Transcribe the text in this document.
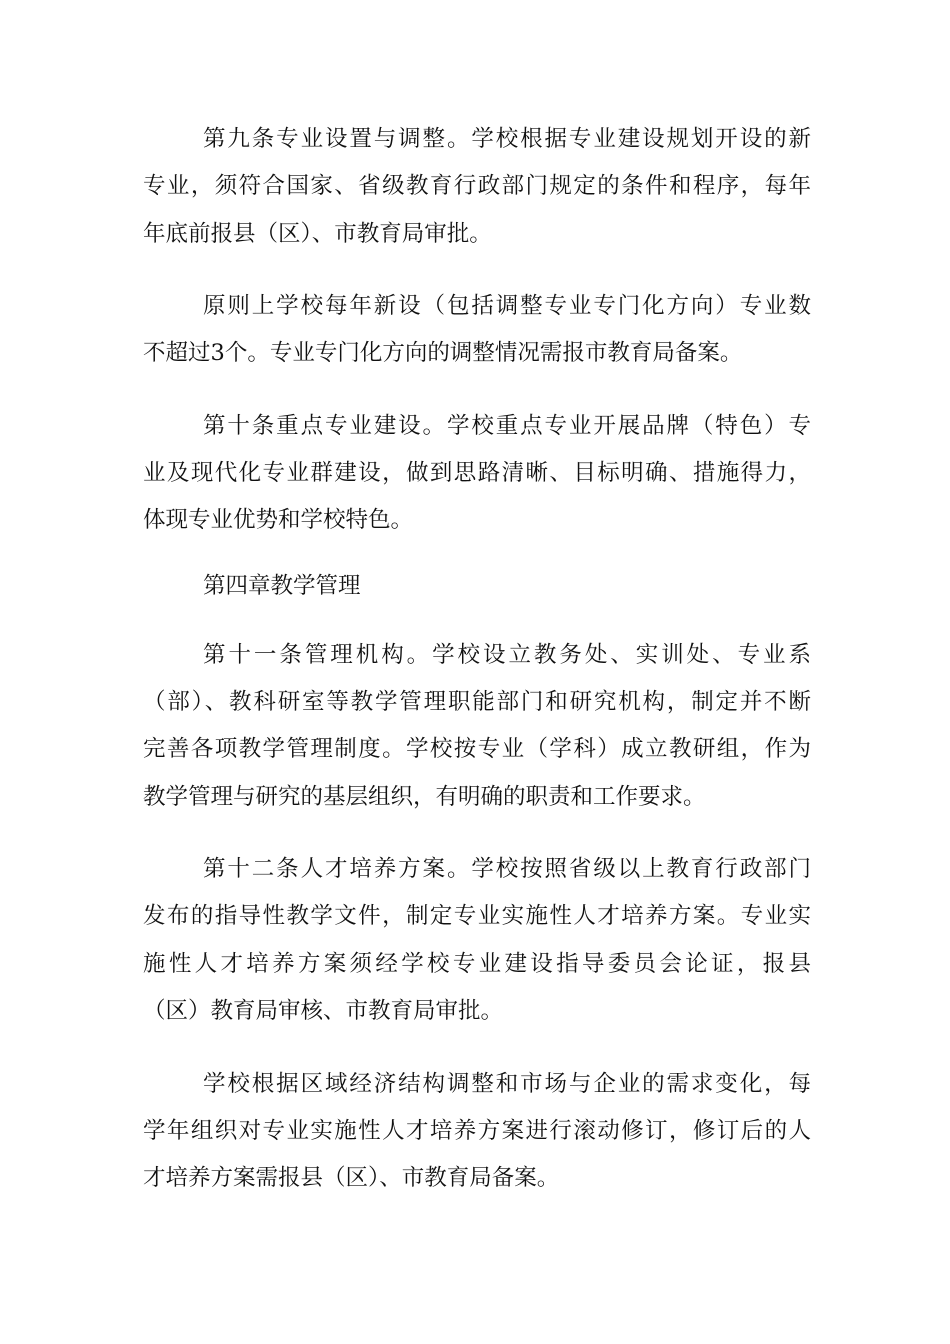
第九条专业设置与调整。学校根据专业建设规划开设的新
专业，须符合国家、省级教育行政部门规定的条件和程序，每年
年底前报县（区）、市教育局审批。
原则上学校每年新设（包括调整专业专门化方向）专业数
不超过3个。专业专门化方向的调整情况需报市教育局备案。
第十条重点专业建设。学校重点专业开展品牌（特色）专
业及现代化专业群建设，做到思路清晰、目标明确、措施得力，
体现专业优势和学校特色。
第四章教学管理
第十一条管理机构。学校设立教务处、实训处、专业系
（部）、教科研室等教学管理职能部门和研究机构，制定并不断
完善各项教学管理制度。学校按专业（学科）成立教研组，作为
教学管理与研究的基层组织，有明确的职责和工作要求。
第十二条人才培养方案。学校按照省级以上教育行政部门
发布的指导性教学文件，制定专业实施性人才培养方案。专业实
施性人才培养方案须经学校专业建设指导委员会论证，报县
（区）教育局审核、市教育局审批。
学校根据区域经济结构调整和市场与企业的需求变化，每
学年组织对专业实施性人才培养方案进行滚动修订，修订后的人
才培养方案需报县（区）、市教育局备案。
